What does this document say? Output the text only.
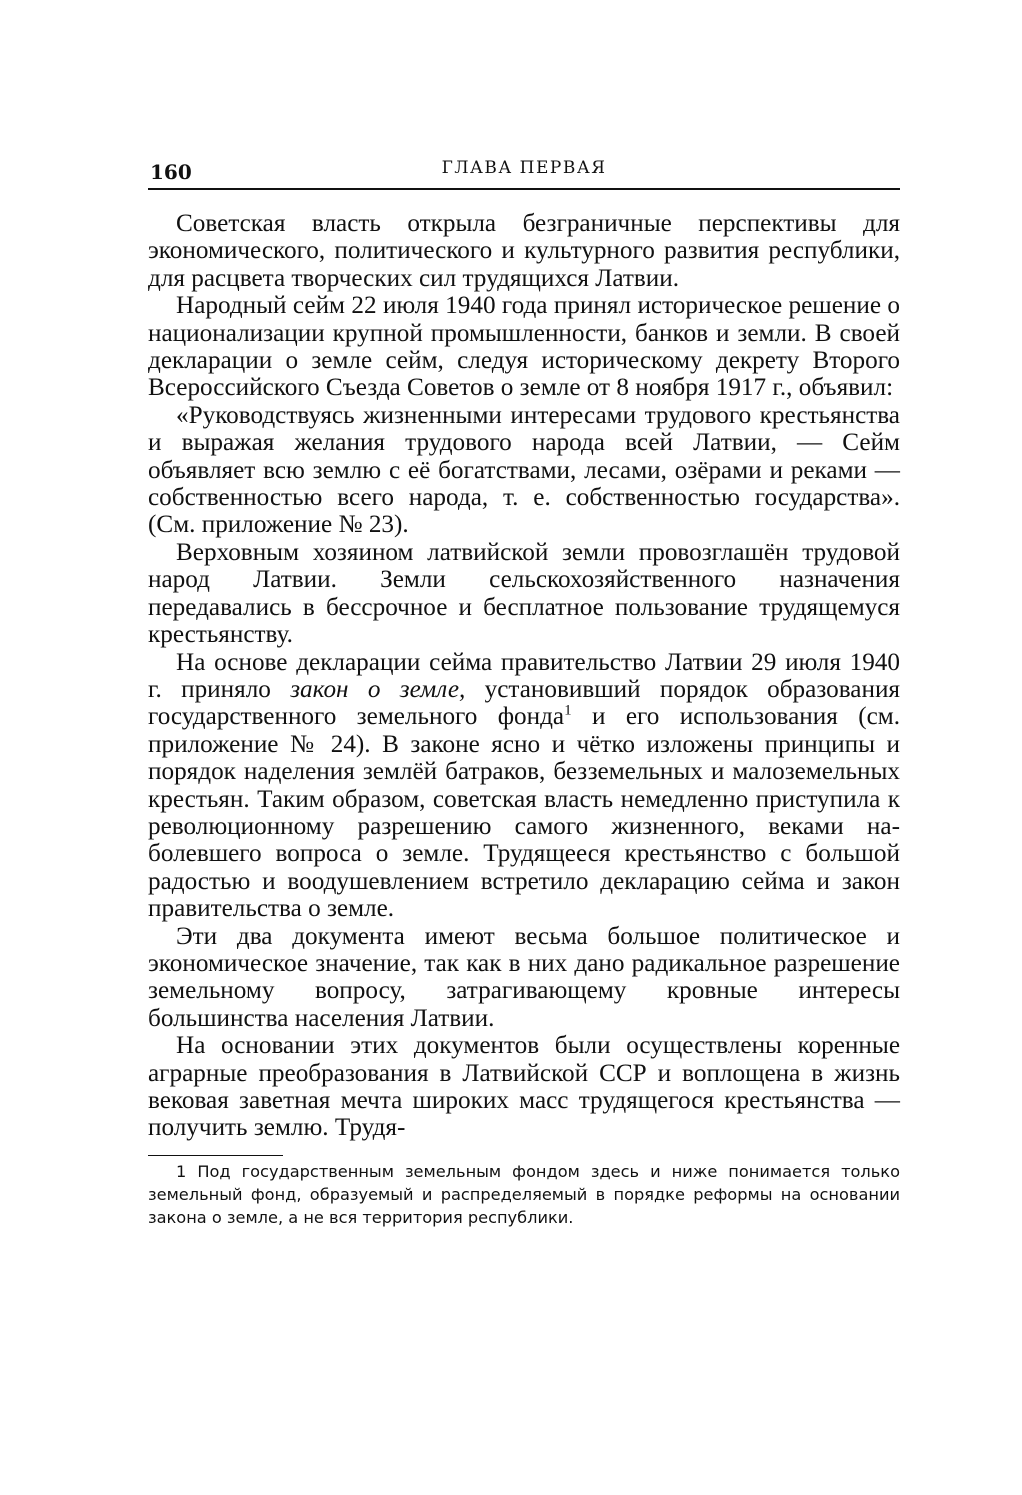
160	ГЛАВА ПЕРВАЯ

Советская власть открыла безграничные перспективы для экономического, политического и культурного развития республики, для расцвета творческих сил трудящихся Латвии.

Народный сейм 22 июля 1940 года принял историческое решение о национализации крупной промышленности, банков и земли. В своей декларации о земле сейм, следуя историческому декрету Второго Всероссийского Съезда Советов о земле от 8 ноября 1917 г., объявил:

«Руководствуясь жизненными интересами трудового крестьянства и выражая желания трудового народа всей Латвии, — Сейм объявляет всю землю с её богатствами, лесами, озёрами и реками — собственностью всего народа, т. е. собственностью государства». (См. приложение № 23).

Верховным хозяином латвийской земли провозглашён трудовой народ Латвии. Земли сельскохозяйственного назначения передавались в бессрочное и бесплатное пользование трудящемуся крестьянству.

На основе декларации сейма правительство Латвии 29 июля 1940 г. приняло закон о земле, установивший порядок образования государственного земельного фонда$^1$ и его использования (см. приложение № 24). В законе ясно и чётко изложены принципы и порядок наделения землёй батраков, безземельных и малоземельных крестьян. Таким образом, советская власть немедленно приступила к революционному разрешению самого жизненного, веками наболевшего вопроса о земле. Трудящееся крестьянство с большой радостью и воодушевлением встретило декларацию сейма и закон правительства о земле.

Эти два документа имеют весьма большое политическое и экономическое значение, так как в них дано радикальное разрешение земельному вопросу, затрагивающему кровные интересы большинства населения Латвии.

На основании этих документов были осуществлены коренные аграрные преобразования в Латвийской ССР и воплощена в жизнь вековая заветная мечта широких масс трудящегося крестьянства — получить землю. Трудя-

1 Под государственным земельным фондом здесь и ниже понимается только земельный фонд, образуемый и распределяемый в порядке реформы на основании закона о земле, а не вся территория республики.
